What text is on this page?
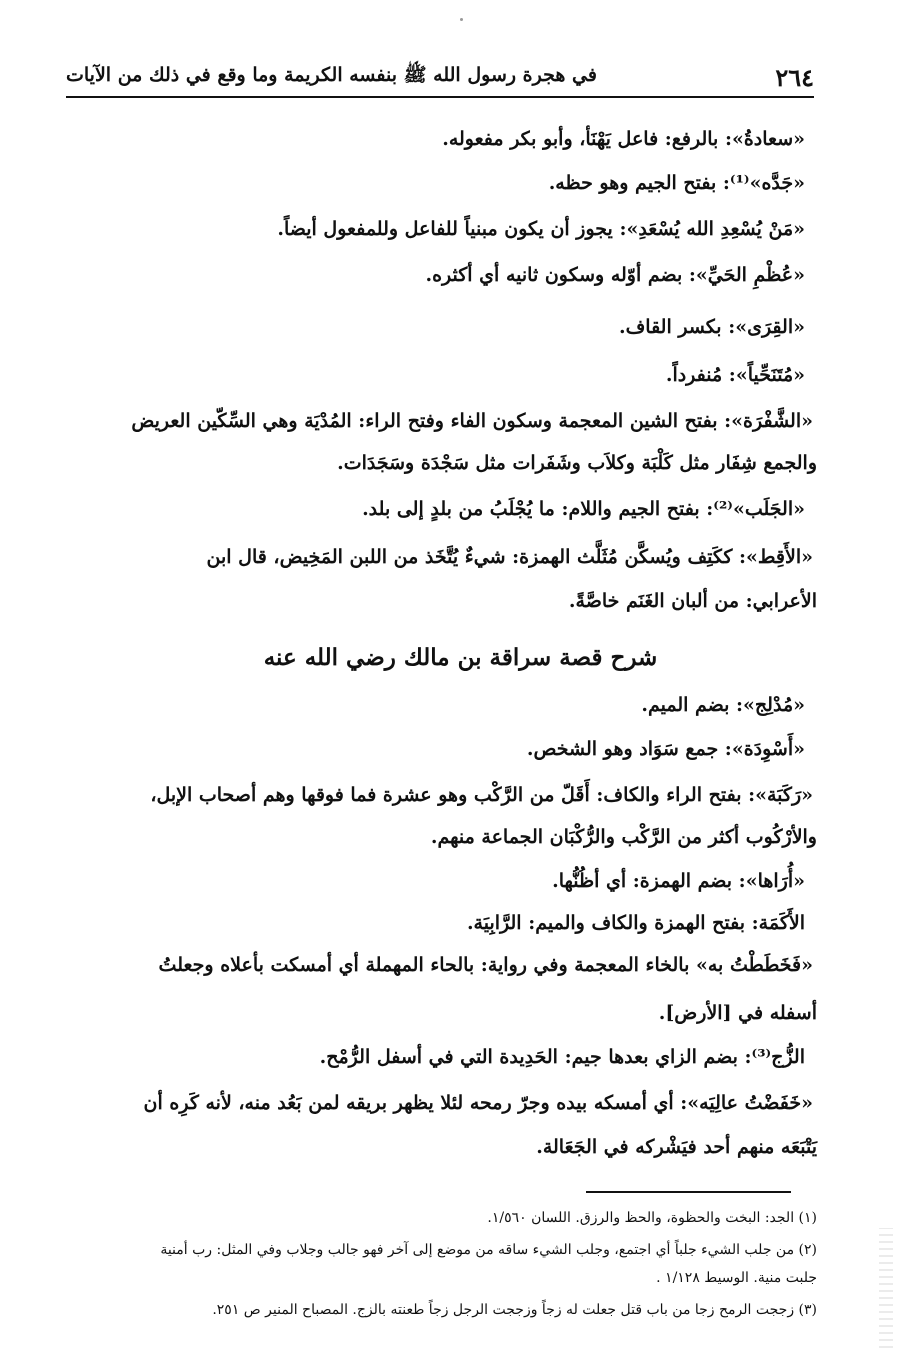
٢٦٤
في هجرة رسول الله ﷺ بنفسه الكريمة وما وقع في ذلك من الآيات
«سعادةُ»: بالرفع: فاعل يَهْنَأ، وأبو بكر مفعوله.
«جَدَّه»⁽¹⁾: بفتح الجيم وهو حظه.
«مَنْ يُسْعِدِ الله يُسْعَدِ»: يجوز أن يكون مبنياً للفاعل وللمفعول أيضاً.
«عُظْمِ الحَيِّ»: بضم أوّله وسكون ثانيه أي أكثره.
«القِرَى»: بكسر القاف.
«مُتَنَحِّياً»: مُنفرداً.
«الشَّفْرَة»: بفتح الشين المعجمة وسكون الفاء وفتح الراء: المُدْيَة وهي السِّكّين العريض
والجمع شِفَار مثل كَلْبَة وكلاَب وشَفَرات مثل سَجْدَة وسَجَدَات.
«الجَلَب»⁽²⁾: بفتح الجيم واللام: ما يُجْلَبُ من بلدٍ إلى بلد.
«الأَقِط»: ككَتِف ويُسكَّن مُثَلَّث الهمزة: شيءٌ يُتَّخَذ من اللبن المَخِيض، قال ابن
الأعرابي: من ألبان الغَنَم خاصَّةً.
شرح قصة سراقة بن مالك رضي الله عنه
«مُدْلِج»: بضم الميم.
«أَسْوِدَة»: جمع سَوَاد وهو الشخص.
«رَكَبَة»: بفتح الراء والكاف: أَقَلّ من الرَّكْب وهو عشرة فما فوقها وهم أصحاب الإبل،
والأرْكُوب أكثر من الرَّكْب والرُّكْبَان الجماعة منهم.
«أُرَاها»: بضم الهمزة: أي أظُنُّها.
الأَكَمَة: بفتح الهمزة والكاف والميم: الرَّابِيَة.
«فَخَطَطْتُ به» بالخاء المعجمة وفي رواية: بالحاء المهملة أي أمسكت بأعلاه وجعلتُ
أسفله في [الأرض].
الزُّج⁽³⁾: بضم الزاي بعدها جيم: الحَدِيدة التي في أسفل الرُّمْح.
«خَفَضْتُ عالِيَه»: أي أمسكه بيده وجرّ رمحه لئلا يظهر بريقه لمن بَعُد منه، لأنه كَرِه أن
يَتْبَعَه منهم أحد فيَشْركه في الجَعَالة.
(١) الجد: البخت والحظوة، والحظ والرزق. اللسان ١/٥٦٠.
(٢) من جلب الشيء جلباً أي اجتمع، وجلب الشيء ساقه من موضع إلى آخر فهو جالب وجلاب وفي المثل: رب أمنية
جلبت منية. الوسيط ١/١٢٨ .
(٣) زججت الرمح زجا من باب قتل جعلت له زجاً وزججت الرجل زجاً طعنته بالزج. المصباح المنير ص ٢٥١.
